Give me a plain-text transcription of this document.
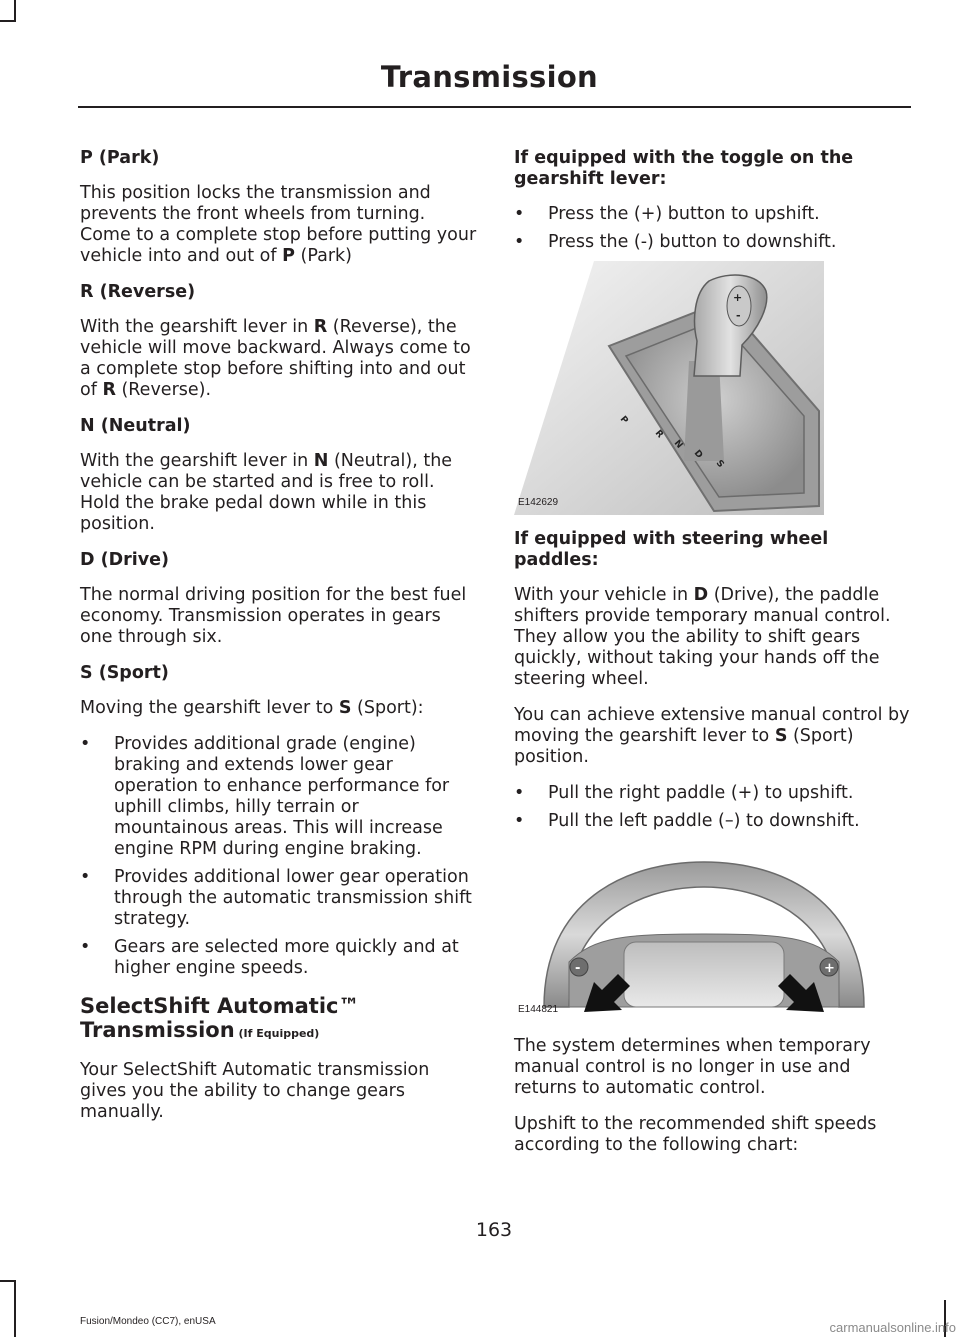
Transmission
P (Park)

This position locks the transmission and prevents the front wheels from turning. Come to a complete stop before putting your vehicle into and out of P (Park)

R (Reverse)

With the gearshift lever in R (Reverse), the vehicle will move backward. Always come to a complete stop before shifting into and out of R (Reverse).

N (Neutral)

With the gearshift lever in N (Neutral), the vehicle can be started and is free to roll. Hold the brake pedal down while in this position.

D (Drive)

The normal driving position for the best fuel economy. Transmission operates in gears one through six.

S (Sport)

Moving the gearshift lever to S (Sport):

• Provides additional grade (engine) braking and extends lower gear operation to enhance performance for uphill climbs, hilly terrain or mountainous areas. This will increase engine RPM during engine braking.
• Provides additional lower gear operation through the automatic transmission shift strategy.
• Gears are selected more quickly and at higher engine speeds.
SelectShift Automatic™ Transmission (If Equipped)

Your SelectShift Automatic transmission gives you the ability to change gears manually.

If equipped with the toggle on the gearshift lever:
• Press the (+) button to upshift.
• Press the (-) button to downshift.
+
-
P
R
N
D
S
E142629
If equipped with steering wheel paddles:

With your vehicle in D (Drive), the paddle shifters provide temporary manual control. They allow you the ability to shift gears quickly, without taking your hands off the steering wheel.

You can achieve extensive manual control by moving the gearshift lever to S (Sport) position.

• Pull the right paddle (+) to upshift.
• Pull the left paddle (–) to downshift.
-	+
E144821

The system determines when temporary manual control is no longer in use and returns to automatic control.

Upshift to the recommended shift speeds according to the following chart:

163
Fusion/Mondeo (CC7), enUSA	carmanualsonline.info
